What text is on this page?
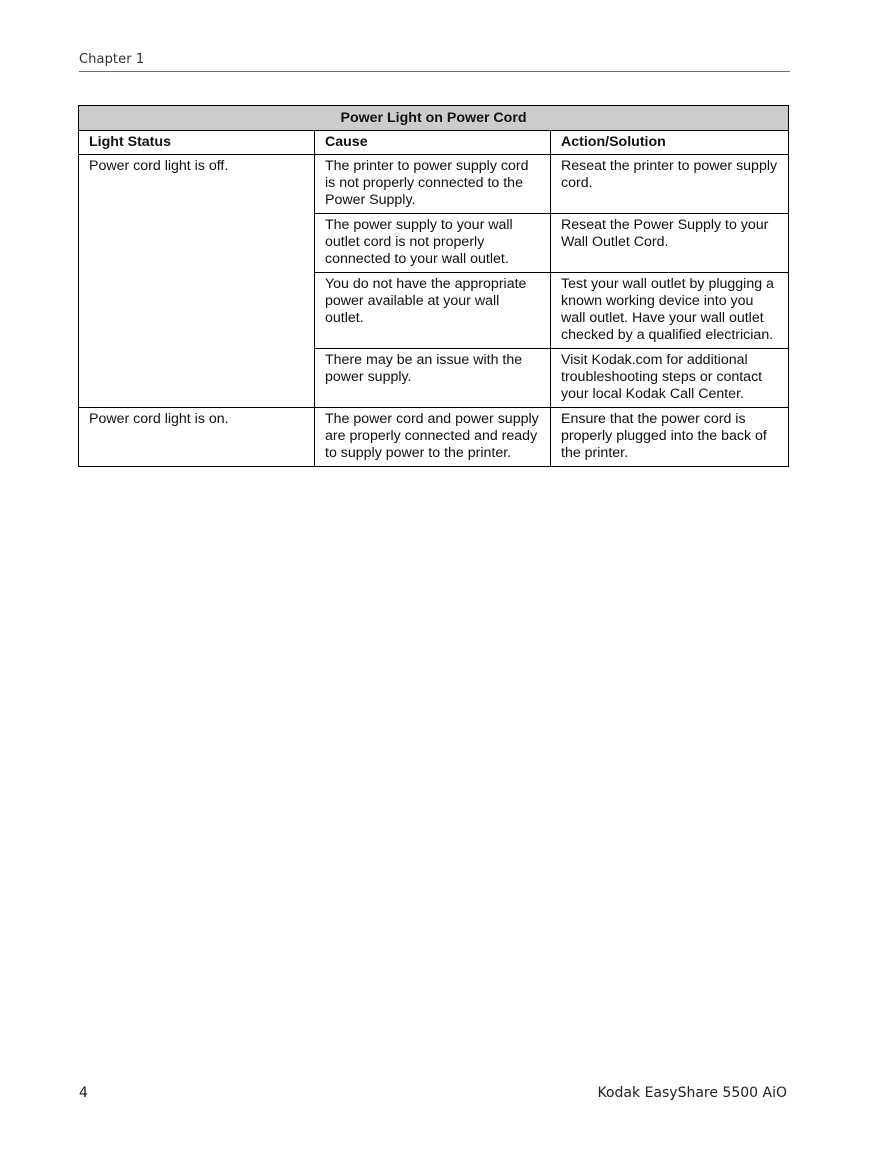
Chapter 1
Power Light on Power Cord		
Light Status	Cause	Action/Solution
Power cord light is off.	The printer to power supply cord is not properly connected to the Power Supply.	Reseat the printer to power supply cord.
	The power supply to your wall outlet cord is not properly connected to your wall outlet.	Reseat the Power Supply to your Wall Outlet Cord.
	You do not have the appropriate power available at your wall outlet.	Test your wall outlet by plugging a known working device into you wall outlet. Have your wall outlet checked by a qualified electrician.
	There may be an issue with the power supply.	Visit Kodak.com for additional troubleshooting steps or contact your local Kodak Call Center.
Power cord light is on.	The power cord and power supply are properly connected and ready to supply power to the printer.	Ensure that the power cord is properly plugged into the back of the printer.
4	Kodak EasyShare 5500 AiO
